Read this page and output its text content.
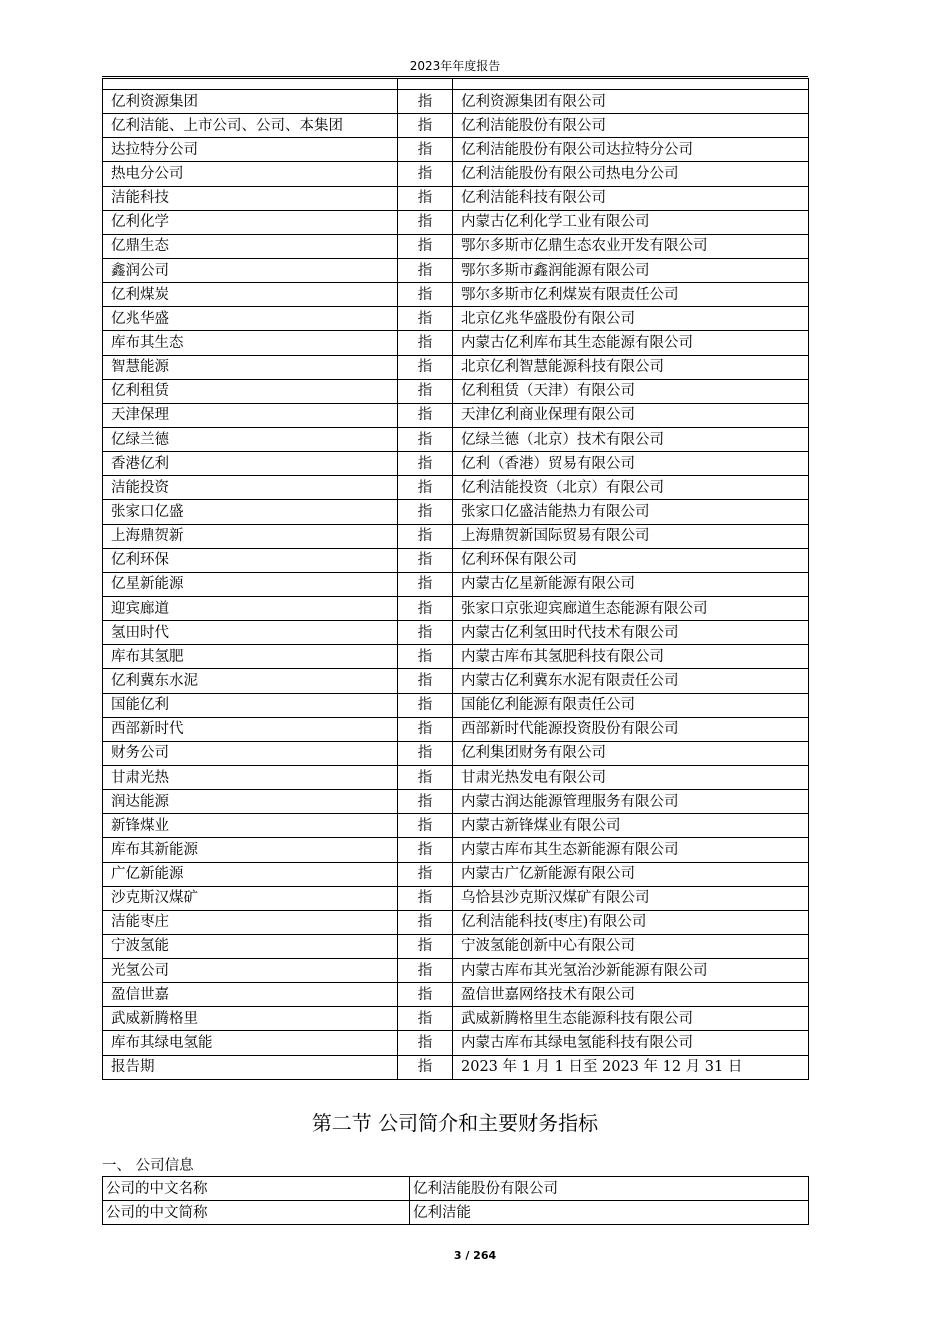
2023年年度报告

亿利资源集团	指	亿利资源集团有限公司
亿利洁能、上市公司、公司、本集团	指	亿利洁能股份有限公司
达拉特分公司	指	亿利洁能股份有限公司达拉特分公司
热电分公司	指	亿利洁能股份有限公司热电分公司
洁能科技	指	亿利洁能科技有限公司
亿利化学	指	内蒙古亿利化学工业有限公司
亿鼎生态	指	鄂尔多斯市亿鼎生态农业开发有限公司
鑫润公司	指	鄂尔多斯市鑫润能源有限公司
亿利煤炭	指	鄂尔多斯市亿利煤炭有限责任公司
亿兆华盛	指	北京亿兆华盛股份有限公司
库布其生态	指	内蒙古亿利库布其生态能源有限公司
智慧能源	指	北京亿利智慧能源科技有限公司
亿利租赁	指	亿利租赁（天津）有限公司
天津保理	指	天津亿利商业保理有限公司
亿绿兰德	指	亿绿兰德（北京）技术有限公司
香港亿利	指	亿利（香港）贸易有限公司
洁能投资	指	亿利洁能投资（北京）有限公司
张家口亿盛	指	张家口亿盛洁能热力有限公司
上海鼎贺新	指	上海鼎贺新国际贸易有限公司
亿利环保	指	亿利环保有限公司
亿星新能源	指	内蒙古亿星新能源有限公司
迎宾廊道	指	张家口京张迎宾廊道生态能源有限公司
氢田时代	指	内蒙古亿利氢田时代技术有限公司
库布其氢肥	指	内蒙古库布其氢肥科技有限公司
亿利冀东水泥	指	内蒙古亿利冀东水泥有限责任公司
国能亿利	指	国能亿利能源有限责任公司
西部新时代	指	西部新时代能源投资股份有限公司
财务公司	指	亿利集团财务有限公司
甘肃光热	指	甘肃光热发电有限公司
润达能源	指	内蒙古润达能源管理服务有限公司
新锋煤业	指	内蒙古新锋煤业有限公司
库布其新能源	指	内蒙古库布其生态新能源有限公司
广亿新能源	指	内蒙古广亿新能源有限公司
沙克斯汉煤矿	指	乌恰县沙克斯汉煤矿有限公司
洁能枣庄	指	亿利洁能科技(枣庄)有限公司
宁波氢能	指	宁波氢能创新中心有限公司
光氢公司	指	内蒙古库布其光氢治沙新能源有限公司
盈信世嘉	指	盈信世嘉网络技术有限公司
武威新腾格里	指	武威新腾格里生态能源科技有限公司
库布其绿电氢能	指	内蒙古库布其绿电氢能科技有限公司
报告期	指	2023 年 1 月 1 日至 2023 年 12 月 31 日
第二节 公司简介和主要财务指标
一、 公司信息
公司的中文名称	亿利洁能股份有限公司
公司的中文简称	亿利洁能
3 / 264
